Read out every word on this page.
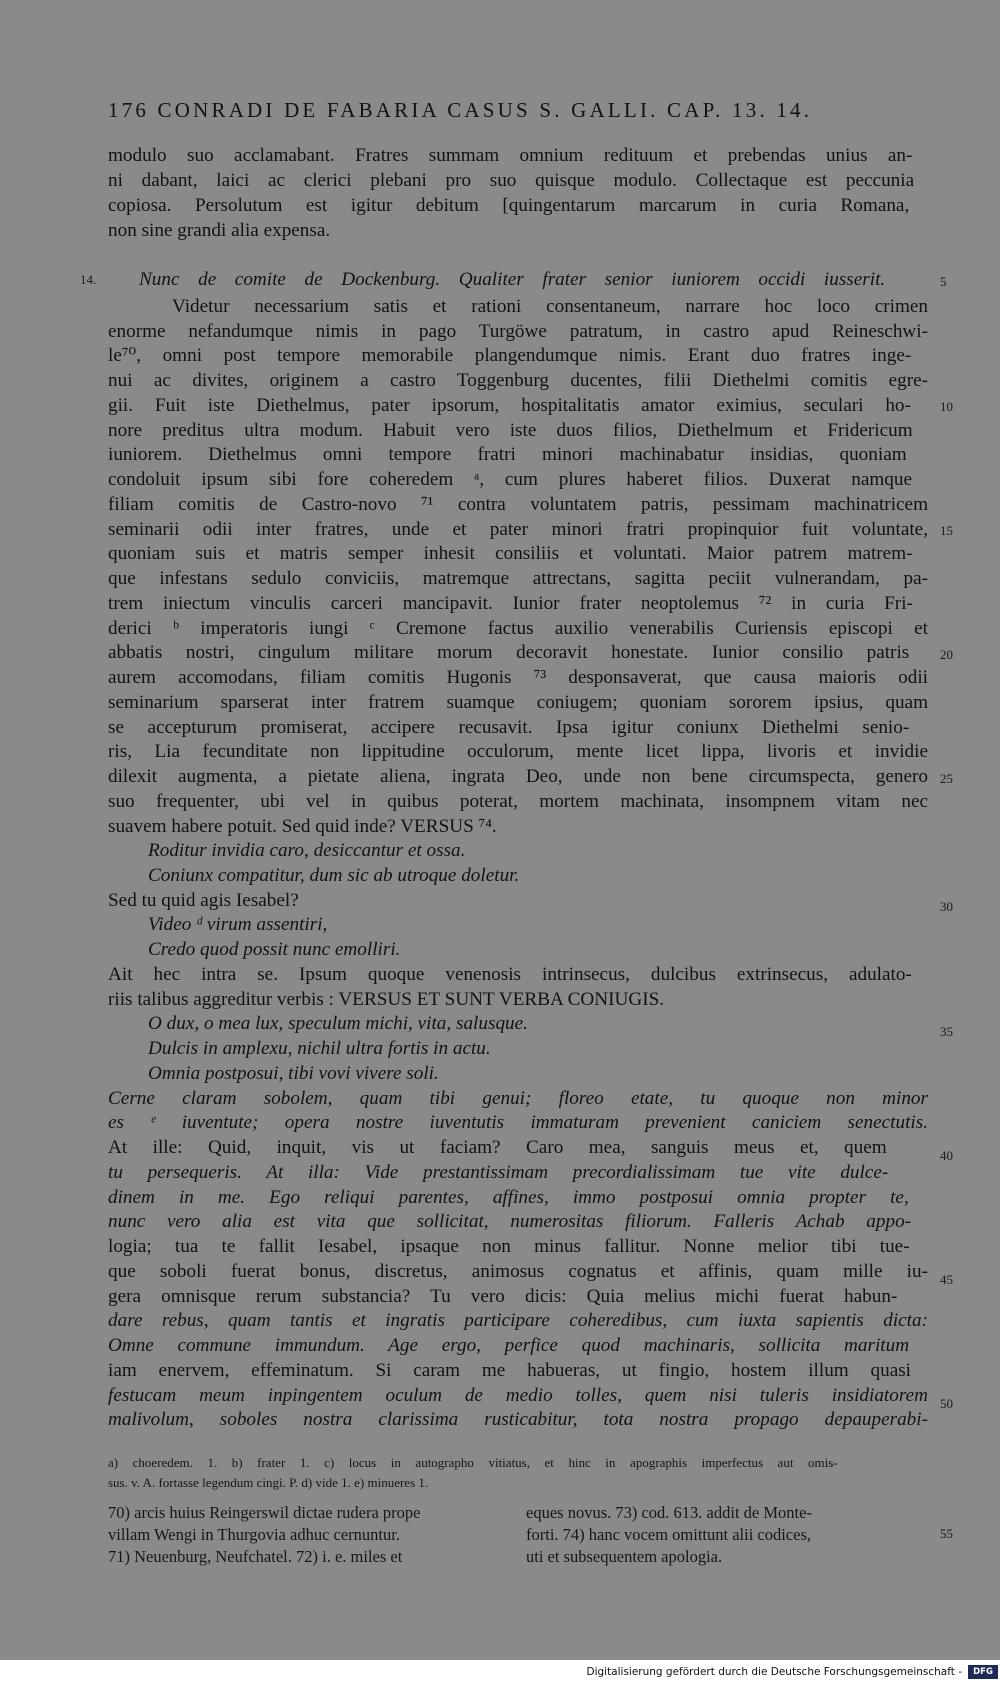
176 CONRADI DE FABARIA CASUS S. GALLI. CAP. 13. 14.
14.
modulo suo acclamabant. Fratres summam omnium redituum et prebendas unius an-
ni dabant, laici ac clerici plebani pro suo quisque modulo. Collectaque est peccunia
copiosa. Persolutum est igitur debitum [quingentarum marcarum in curia Romana,
non sine grandi alia expensa.
Nunc de comite de Dockenburg. Qualiter frater senior iuniorem occidi iusserit.
Videtur necessarium satis et rationi consentaneum, narrare hoc loco crimen
enorme nefandumque nimis in pago Turgöwe patratum, in castro apud Reineschwi-
le⁷⁰, omni post tempore memorabile plangendumque nimis. Erant duo fratres inge-
nui ac divites, originem a castro Toggenburg ducentes, filii Diethelmi comitis egre-
gii. Fuit iste Diethelmus, pater ipsorum, hospitalitatis amator eximius, seculari ho-
nore preditus ultra modum. Habuit vero iste duos filios, Diethelmum et Fridericum
iuniorem. Diethelmus omni tempore fratri minori machinabatur insidias, quoniam
condoluit ipsum sibi fore coheredem ᵃ, cum plures haberet filios. Duxerat namque
filiam comitis de Castro-novo ⁷¹ contra voluntatem patris, pessimam machinatricem
seminarii odii inter fratres, unde et pater minori fratri propinquior fuit voluntate,
quoniam suis et matris semper inhesit consiliis et voluntati. Maior patrem matrem-
que infestans sedulo conviciis, matremque attrectans, sagitta peciit vulnerandam, pa-
trem iniectum vinculis carceri mancipavit. Iunior frater neoptolemus ⁷² in curia Fri-
derici ᵇ imperatoris iungi ᶜ Cremone factus auxilio venerabilis Curiensis episcopi et
abbatis nostri, cingulum militare morum decoravit honestate. Iunior consilio patris
aurem accomodans, filiam comitis Hugonis ⁷³ desponsaverat, que causa maioris odii
seminarium sparserat inter fratrem suamque coniugem; quoniam sororem ipsius, quam
se accepturum promiserat, accipere recusavit. Ipsa igitur coniunx Diethelmi senio-
ris, Lia fecunditate non lippitudine occulorum, mente licet lippa, livoris et invidie
dilexit augmenta, a pietate aliena, ingrata Deo, unde non bene circumspecta, genero
suo frequenter, ubi vel in quibus poterat, mortem machinata, insompnem vitam nec
suavem habere potuit. Sed quid inde? VERSUS ⁷⁴.
Roditur invidia caro, desiccantur et ossa.
Coniunx compatitur, dum sic ab utroque doletur.
Sed tu quid agis Iesabel?
Video ᵈ virum assentiri,
Credo quod possit nunc emolliri.
Ait hec intra se. Ipsum quoque venenosis intrinsecus, dulcibus extrinsecus, adulato-
riis talibus aggreditur verbis : VERSUS ET SUNT VERBA CONIUGIS.
O dux, o mea lux, speculum michi, vita, salusque.
Dulcis in amplexu, nichil ultra fortis in actu.
Omnia postposui, tibi vovi vivere soli.
Cerne claram sobolem, quam tibi genui; floreo etate, tu quoque non minor
es ᵉ iuventute; opera nostre iuventutis immaturam prevenient caniciem senectutis.
At ille: Quid, inquit, vis ut faciam? Caro mea, sanguis meus et, quem
tu persequeris. At illa: Vide prestantissimam precordialissimam tue vite dulce-
dinem in me. Ego reliqui parentes, affines, immo postposui omnia propter te,
nunc vero alia est vita que sollicitat, numerositas filiorum. Falleris Achab appo-
logia; tua te fallit Iesabel, ipsaque non minus fallitur. Nonne melior tibi tue-
que soboli fuerat bonus, discretus, animosus cognatus et affinis, quam mille iu-
gera omnisque rerum substancia? Tu vero dicis: Quia melius michi fuerat habun-
dare rebus, quam tantis et ingratis participare coheredibus, cum iuxta sapientis dicta:
Omne commune immundum. Age ergo, perfice quod machinaris, sollicita maritum
iam enervem, effeminatum. Si caram me habueras, ut fingio, hostem illum quasi
festucam meum inpingentem oculum de medio tolles, quem nisi tuleris insidiatorem
malivolum, soboles nostra clarissima rusticabitur, tota nostra propago depauperabi-
5
10
15
20
25
30
35
40
45
50
55
a) choeredem. 1. b) frater 1. c) locus in autographo vitiatus, et hinc in apographis imperfectus aut omis-
sus. v. A. fortasse legendum cingi. P. d) vide 1. e) minueres 1.
70) arcis huius Reingerswil dictae rudera prope
villam Wengi in Thurgovia adhuc cernuntur.
71) Neuenburg, Neufchatel. 72) i. e. miles et
eques novus. 73) cod. 613. addit de Monte-
forti. 74) hanc vocem omittunt alii codices,
uti et subsequentem apologia.
Digitalisierung gefördert durch die Deutsche Forschungsgemeinschaft -	DFG
